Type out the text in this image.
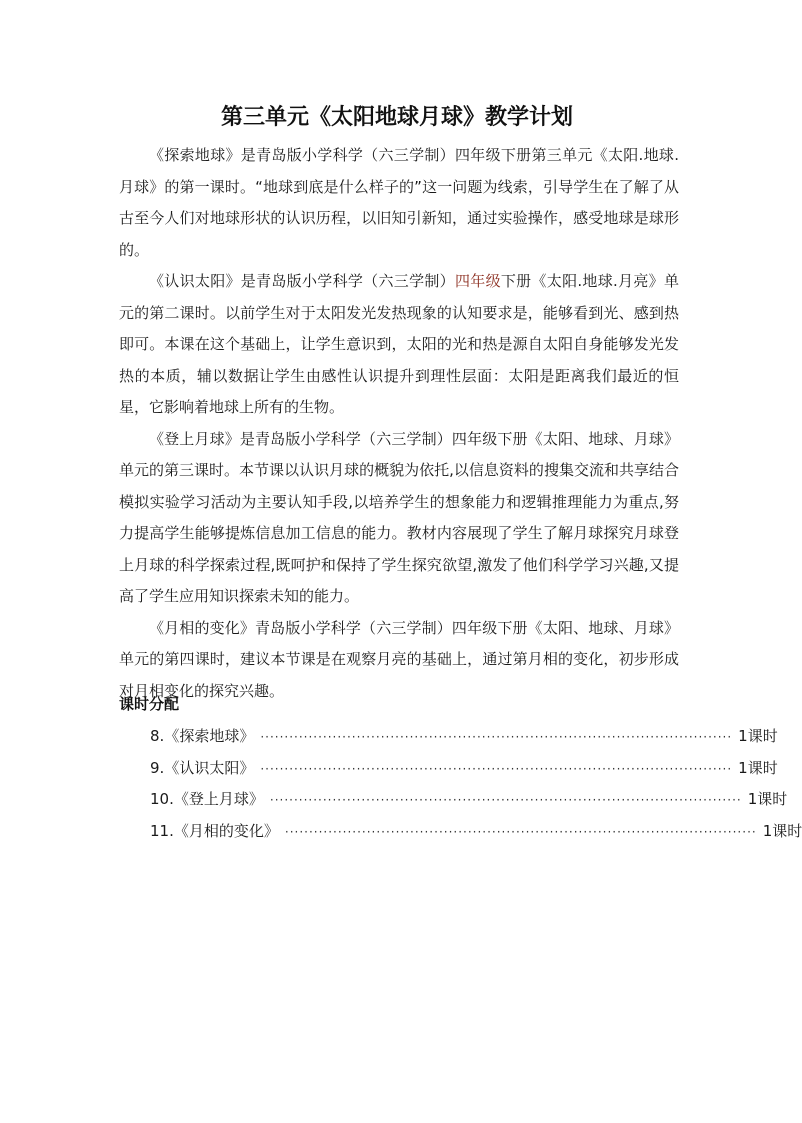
第三单元《太阳地球月球》教学计划

《探索地球》是青岛版小学科学（六三学制）四年级下册第三单元《太阳.地球.月球》的第一课时。“地球到底是什么样子的”这一问题为线索，引导学生在了解了从古至今人们对地球形状的认识历程，以旧知引新知，通过实验操作，感受地球是球形的。

《认识太阳》是青岛版小学科学（六三学制）四年级下册《太阳.地球.月亮》单元的第二课时。以前学生对于太阳发光发热现象的认知要求是，能够看到光、感到热即可。本课在这个基础上，让学生意识到，太阳的光和热是源自太阳自身能够发光发热的本质，辅以数据让学生由感性认识提升到理性层面：太阳是距离我们最近的恒星，它影响着地球上所有的生物。

《登上月球》是青岛版小学科学（六三学制）四年级下册《太阳、地球、月球》单元的第三课时。本节课以认识月球的概貌为依托,以信息资料的搜集交流和共享结合模拟实验学习活动为主要认知手段,以培养学生的想象能力和逻辑推理能力为重点,努力提高学生能够提炼信息加工信息的能力。教材内容展现了学生了解月球探究月球登上月球的科学探索过程,既呵护和保持了学生探究欲望,激发了他们科学学习兴趣,又提高了学生应用知识探索未知的能力。

《月相的变化》青岛版小学科学（六三学制）四年级下册《太阳、地球、月球》单元的第四课时，建议本节课是在观察月亮的基础上，通过第月相的变化，初步形成对月相变化的探究兴趣。

课时分配
8. 《探索地球》 ·································································································· 1课时
9. 《认识太阳》 ·································································································· 1课时
10. 《登上月球》 ·································································································· 1课时
11. 《月相的变化》 ·································································································· 1课时
